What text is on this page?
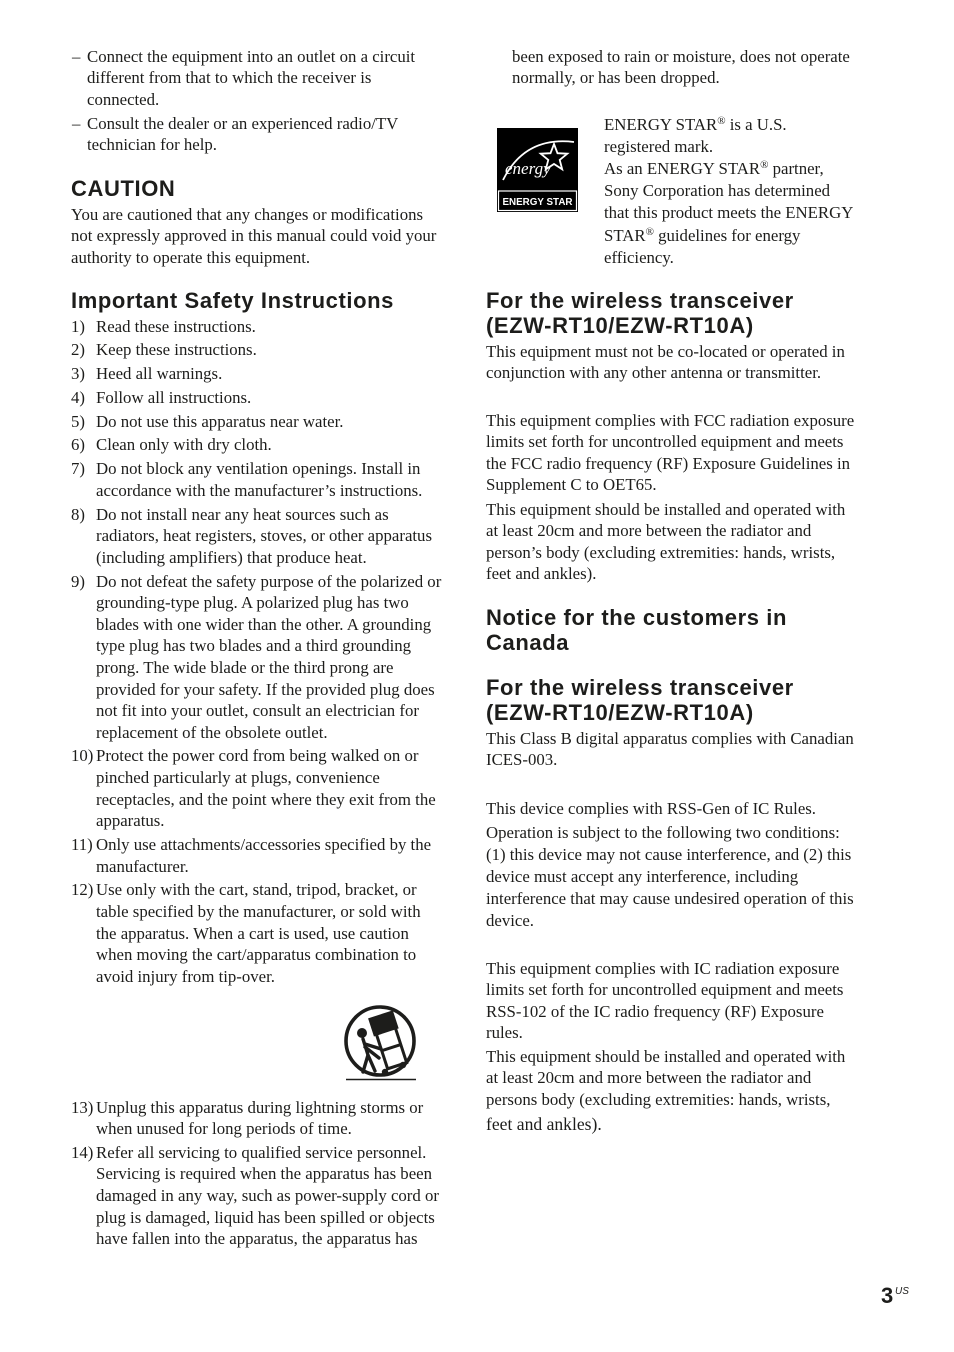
– Connect the equipment into an outlet on a circuit
different from that to which the receiver is
connected.
– Consult the dealer or an experienced radio/TV
technician for help.
CAUTION
You are cautioned that any changes or modifications
not expressly approved in this manual could void your
authority to operate this equipment.
Important Safety Instructions
1) Read these instructions.
2) Keep these instructions.
3) Heed all warnings.
4) Follow all instructions.
5) Do not use this apparatus near water.
6) Clean only with dry cloth.
7) Do not block any ventilation openings. Install in
accordance with the manufacturer’s instructions.
8) Do not install near any heat sources such as
radiators, heat registers, stoves, or other apparatus
(including amplifiers) that produce heat.
9) Do not defeat the safety purpose of the polarized or
grounding-type plug. A polarized plug has two
blades with one wider than the other. A grounding
type plug has two blades and a third grounding
prong. The wide blade or the third prong are
provided for your safety. If the provided plug does
not fit into your outlet, consult an electrician for
replacement of the obsolete outlet.
10) Protect the power cord from being walked on or
pinched particularly at plugs, convenience
receptacles, and the point where they exit from the
apparatus.
11) Only use attachments/accessories specified by the
manufacturer.
12) Use only with the cart, stand, tripod, bracket, or
table specified by the manufacturer, or sold with
the apparatus. When a cart is used, use caution
when moving the cart/apparatus combination to
avoid injury from tip-over.
13) Unplug this apparatus during lightning storms or
when unused for long periods of time.
14) Refer all servicing to qualified service personnel.
Servicing is required when the apparatus has been
damaged in any way, such as power-supply cord or
plug is damaged, liquid has been spilled or objects
have fallen into the apparatus, the apparatus has
been exposed to rain or moisture, does not operate
normally, or has been dropped.
energy
ENERGY STAR
ENERGY STAR® is a U.S.
registered mark.
As an ENERGY STAR® partner,
Sony Corporation has determined
that this product meets the ENERGY
STAR® guidelines for energy
efficiency.
For the wireless transceiver
(EZW-RT10/EZW-RT10A)
This equipment must not be co-located or operated in
conjunction with any other antenna or transmitter.
This equipment complies with FCC radiation exposure
limits set forth for uncontrolled equipment and meets
the FCC radio frequency (RF) Exposure Guidelines in
Supplement C to OET65.
This equipment should be installed and operated with
at least 20cm and more between the radiator and
person’s body (excluding extremities: hands, wrists,
feet and ankles).
Notice for the customers in
Canada
For the wireless transceiver
(EZW-RT10/EZW-RT10A)
This Class B digital apparatus complies with Canadian
ICES-003.
This device complies with RSS-Gen of IC Rules.
Operation is subject to the following two conditions:
(1) this device may not cause interference, and (2) this
device must accept any interference, including
interference that may cause undesired operation of this
device.
This equipment complies with IC radiation exposure
limits set forth for uncontrolled equipment and meets
RSS-102 of the IC radio frequency (RF) Exposure
rules.
This equipment should be installed and operated with
at least 20cm and more between the radiator and
persons body (excluding extremities: hands, wrists,
feet and ankles).
3 US
